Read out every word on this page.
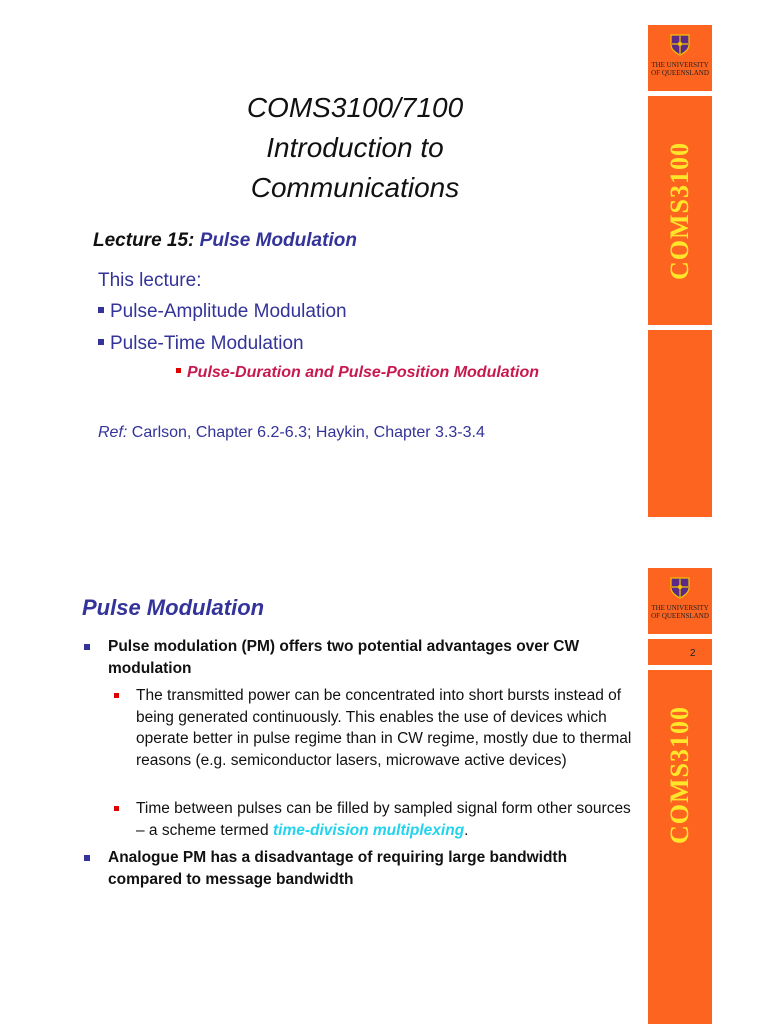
THE UNIVERSITY
OF QUEENSLAND
COMS3100
COMS3100/7100
Introduction to
Communications
Lecture 15: Pulse Modulation
This lecture:
Pulse-Amplitude Modulation
Pulse-Time Modulation
Pulse-Duration and Pulse-Position Modulation
Ref: Carlson, Chapter 6.2-6.3; Haykin, Chapter 3.3-3.4
THE UNIVERSITY
OF QUEENSLAND
2
COMS3100
Pulse Modulation
Pulse modulation (PM) offers two potential advantages over CW modulation
The transmitted power can be concentrated into short bursts instead of being generated continuously. This enables the use of devices which operate better in pulse regime than in CW regime, mostly due to thermal reasons (e.g. semiconductor lasers, microwave active devices)
Time between pulses can be filled by sampled signal form other sources – a scheme termed time-division multiplexing.
Analogue PM has a disadvantage of requiring large bandwidth compared to message bandwidth
